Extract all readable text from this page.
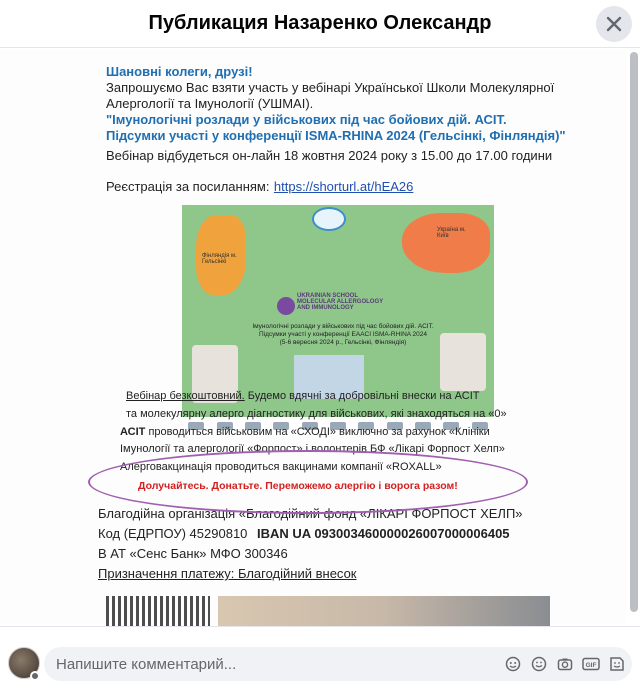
Публикация Назаренко Олександр
Шановні колеги, друзі!
Запрошуємо Вас взяти участь у вебінарі Української Школи Молекулярної
Алергології та Імунології (УШМАІ).
"Імунологічні розлади у військових під час бойових дій. АСІТ.
Підсумки участі у конференції ISMA-RHINA 2024 (Гельсінкі, Фінляндія)"
Вебінар відбудеться он-лайн 18 жовтня 2024 року з 15.00 до 17.00 години
Реєстрація за посиланням: https://shorturl.at/hEA26
Фінляндія м. Гельсінкі
Україна м. Київ
UKRAINIAN SCHOOL MOLECULAR ALLERGOLOGY AND IMMUNOLOGY
Імунологічні розлади у військових під час бойових дій. АСІТ.
Підсумки участі у конференції EAACI ISMA-RHINA 2024
(5-6 вересня 2024 р., Гельсінкі, Фінляндія)
Вебінар безкоштовний. Будемо вдячні за добровільні внески на АСІТ
та молекулярну алерго діагностику для військових, які знаходяться на «0»
АСІТ проводиться військовим на «СХОДІ» виключно за рахунок «Клініки
Імунології та алергології «Форпост» і волонтерів БФ «Лікарі Форпост Хелп»
Алерговакцинація проводиться вакцинами компанії «ROXALL»
Долучайтесь. Донатьте. Переможемо алергію і ворога разом!
Благодійна організація «Благодійний фонд «ЛІКАРІ ФОРПОСТ ХЕЛП»
Код (ЕДРПОУ) 45290810 IBAN UA 093003460000026007000006405
В АТ «Сенс Банк» МФО 300346
Призначення платежу: Благодійний внесок
Напишите комментарий...
GIF
